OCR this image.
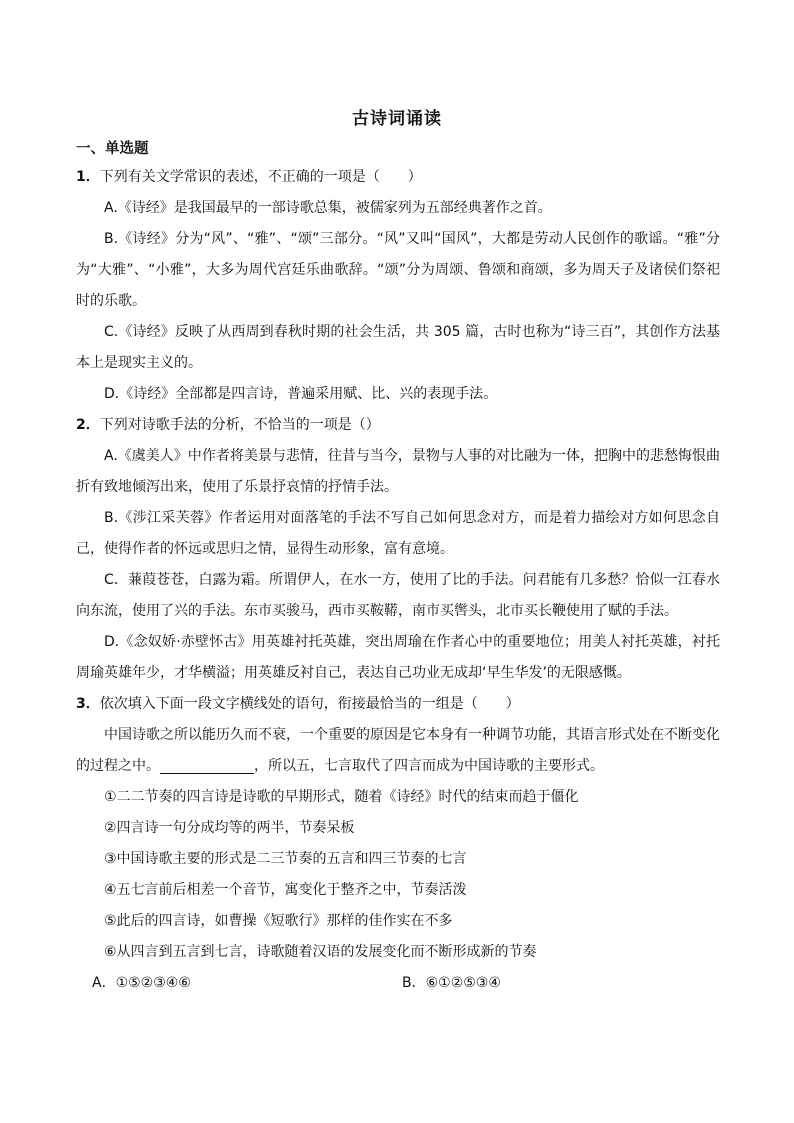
古诗词诵读
一、单选题
1．下列有关文学常识的表述，不正确的一项是（　　）
A.《诗经》是我国最早的一部诗歌总集，被儒家列为五部经典著作之首。
B.《诗经》分为“风”、“雅”、“颂”三部分。“风”又叫“国风”，大都是劳动人民创作的歌谣。“雅”分为“大雅”、“小雅”，大多为周代宫廷乐曲歌辞。“颂”分为周颂、鲁颂和商颂，多为周天子及诸侯们祭祀时的乐歌。
C.《诗经》反映了从西周到春秋时期的社会生活，共 305 篇，古时也称为“诗三百”，其创作方法基本上是现实主义的。
D.《诗经》全部都是四言诗，普遍采用赋、比、兴的表现手法。
2．下列对诗歌手法的分析，不恰当的一项是（）
A.《虞美人》中作者将美景与悲情，往昔与当今，景物与人事的对比融为一体，把胸中的悲愁悔恨曲折有致地倾泻出来，使用了乐景抒哀情的抒情手法。
B.《涉江采芙蓉》作者运用对面落笔的手法不写自己如何思念对方，而是着力描绘对方如何思念自己，使得作者的怀远或思归之情，显得生动形象，富有意境。
C．蒹葭苍苍，白露为霜。所谓伊人，在水一方，使用了比的手法。问君能有几多愁？恰似一江春水向东流，使用了兴的手法。东市买骏马，西市买鞍鞯，南市买辔头，北市买长鞭使用了赋的手法。
D.《念奴娇·赤壁怀古》用英雄衬托英雄，突出周瑜在作者心中的重要地位；用美人衬托英雄，衬托周瑜英雄年少，才华横溢；用英雄反衬自己，表达自己功业无成却‘早生华发’的无限感慨。
3．依次填入下面一段文字横线处的语句，衔接最恰当的一组是（　　）
中国诗歌之所以能历久而不衰，一个重要的原因是它本身有一种调节功能，其语言形式处在不断变化的过程之中。	，所以五，七言取代了四言而成为中国诗歌的主要形式。
①二二节奏的四言诗是诗歌的早期形式，随着《诗经》时代的结束而趋于僵化
②四言诗一句分成均等的两半，节奏呆板
③中国诗歌主要的形式是二三节奏的五言和四三节奏的七言
④五七言前后相差一个音节，寓变化于整齐之中，节奏活泼
⑤此后的四言诗，如曹操《短歌行》那样的佳作实在不多
⑥从四言到五言到七言，诗歌随着汉语的发展变化而不断形成新的节奏
A．①⑤②③④⑥	B．⑥①②⑤③④
